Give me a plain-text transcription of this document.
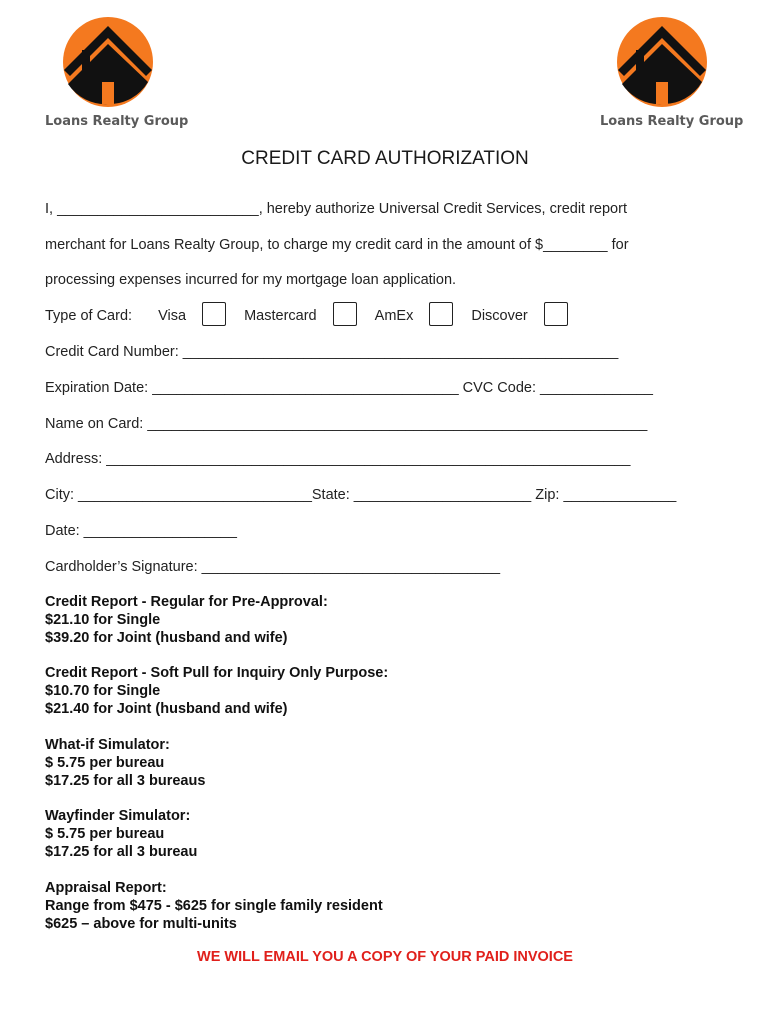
Loans Realty Group	Loans Realty Group
CREDIT CARD AUTHORIZATION
I, _________________________, hereby authorize Universal Credit Services, credit report
merchant for Loans Realty Group, to charge my credit card in the amount of $________ for
processing expenses incurred for my mortgage loan application.
Type of Card: Visa	Mastercard	AmEx	Discover
Credit Card Number: ______________________________________________________
Expiration Date: ______________________________________ CVC Code: ______________
Name on Card: ______________________________________________________________
Address: _________________________________________________________________
City: _____________________________State: ______________________ Zip: ______________
Date: ___________________
Cardholder’s Signature: _____________________________________
Credit Report - Regular for Pre-Approval:
$21.10 for Single
$39.20 for Joint (husband and wife)
Credit Report - Soft Pull for Inquiry Only Purpose:
$10.70 for Single
$21.40 for Joint (husband and wife)
What-if Simulator:
$ 5.75 per bureau
$17.25 for all 3 bureaus
Wayfinder Simulator:
$ 5.75 per bureau
$17.25 for all 3 bureau
Appraisal Report:
Range from $475 - $625 for single family resident
$625 – above for multi-units
WE WILL EMAIL YOU A COPY OF YOUR PAID INVOICE
